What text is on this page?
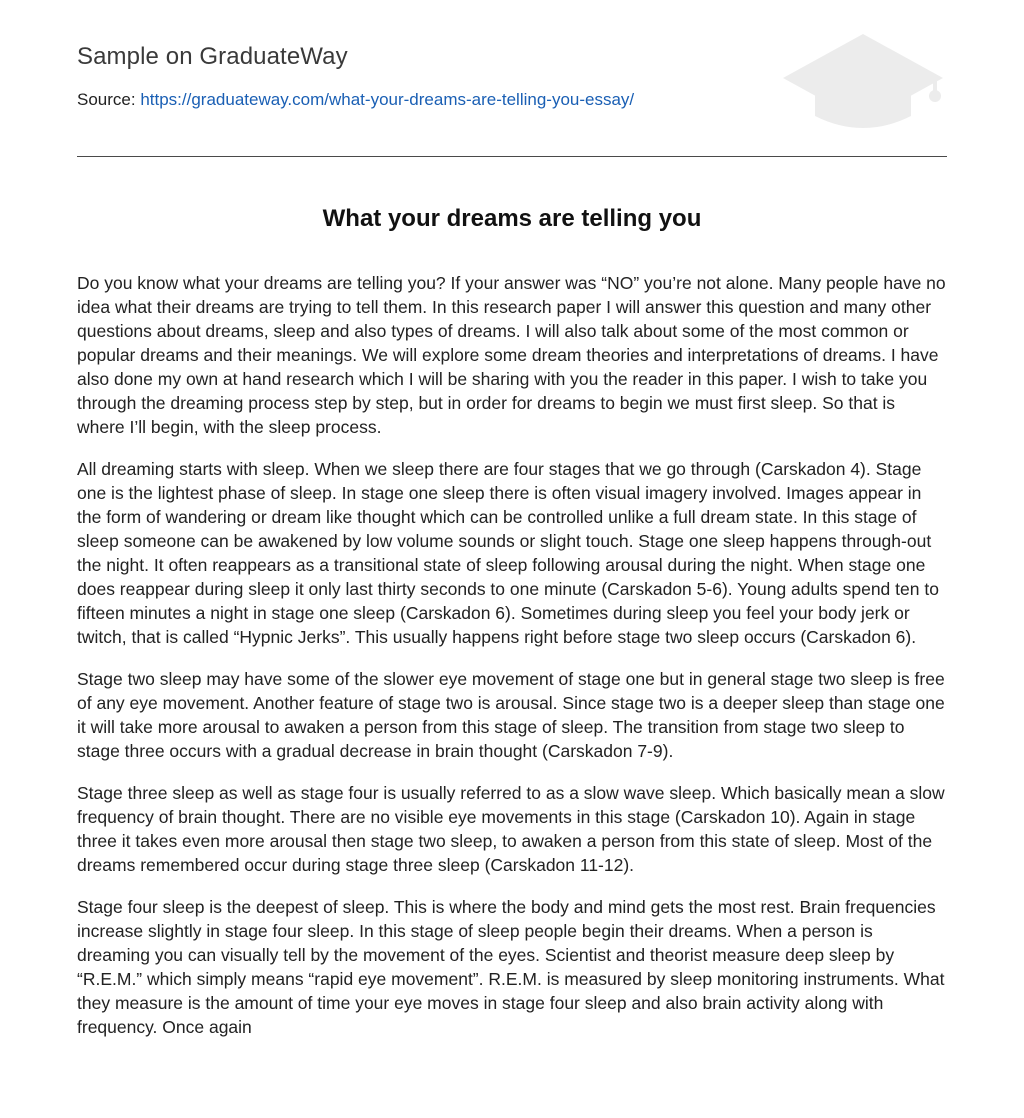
Sample on GraduateWay
Source: https://graduateway.com/what-your-dreams-are-telling-you-essay/
What your dreams are telling you

Do you know what your dreams are telling you? If your answer was “NO” you’re not alone. Many people have no idea what their dreams are trying to tell them. In this research paper I will answer this question and many other questions about dreams, sleep and also types of dreams. I will also talk about some of the most common or popular dreams and their meanings. We will explore some dream theories and interpretations of dreams. I have also done my own at hand research which I will be sharing with you the reader in this paper. I wish to take you through the dreaming process step by step, but in order for dreams to begin we must first sleep. So that is where I’ll begin, with the sleep process.

All dreaming starts with sleep. When we sleep there are four stages that we go through (Carskadon 4). Stage one is the lightest phase of sleep. In stage one sleep there is often visual imagery involved. Images appear in the form of wandering or dream like thought which can be controlled unlike a full dream state. In this stage of sleep someone can be awakened by low volume sounds or slight touch. Stage one sleep happens through-out the night. It often reappears as a transitional state of sleep following arousal during the night. When stage one does reappear during sleep it only last thirty seconds to one minute (Carskadon 5-6). Young adults spend ten to fifteen minutes a night in stage one sleep (Carskadon 6). Sometimes during sleep you feel your body jerk or twitch, that is called “Hypnic Jerks”. This usually happens right before stage two sleep occurs (Carskadon 6).

Stage two sleep may have some of the slower eye movement of stage one but in general stage two sleep is free of any eye movement. Another feature of stage two is arousal. Since stage two is a deeper sleep than stage one it will take more arousal to awaken a person from this stage of sleep. The transition from stage two sleep to stage three occurs with a gradual decrease in brain thought (Carskadon 7-9).

Stage three sleep as well as stage four is usually referred to as a slow wave sleep. Which basically mean a slow frequency of brain thought. There are no visible eye movements in this stage (Carskadon 10). Again in stage three it takes even more arousal then stage two sleep, to awaken a person from this state of sleep. Most of the dreams remembered occur during stage three sleep (Carskadon 11-12).

Stage four sleep is the deepest of sleep. This is where the body and mind gets the most rest. Brain frequencies increase slightly in stage four sleep. In this stage of sleep people begin their dreams. When a person is dreaming you can visually tell by the movement of the eyes. Scientist and theorist measure deep sleep by “R.E.M.” which simply means “rapid eye movement”. R.E.M. is measured by sleep monitoring instruments. What they measure is the amount of time your eye moves in stage four sleep and also brain activity along with frequency. Once again
